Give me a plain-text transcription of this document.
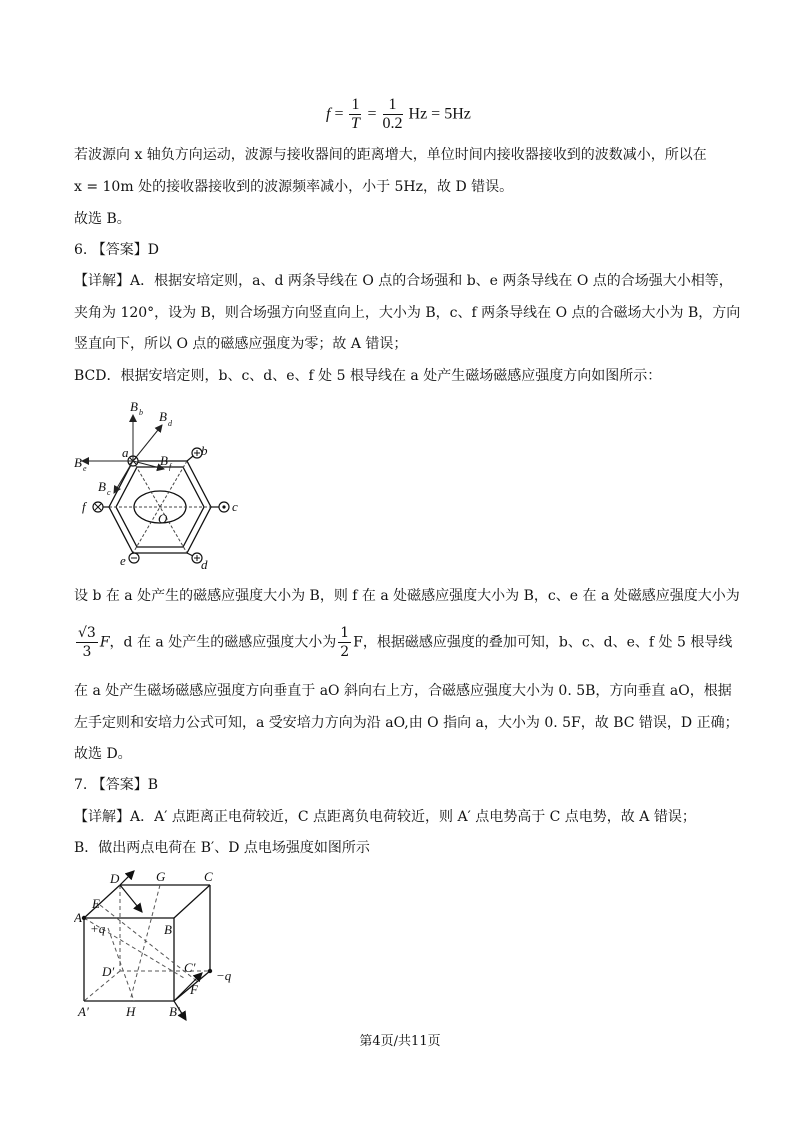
$f = \frac{1}{T} = \frac{1}{0.2}$ Hz = 5Hz
若波源向 x 轴负方向运动，波源与接收器间的距离增大，单位时间内接收器接收到的波数减小，所以在
x = 10m 处的接收器接收到的波源频率减小，小于 5Hz，故 D 错误。
故选 B。
6. 【答案】D
【详解】A．根据安培定则，a、d 两条导线在 O 点的合场强和 b、e 两条导线在 O 点的合场强大小相等，
夹角为 120°，设为 B，则合场强方向竖直向上，大小为 B，c、f 两条导线在 O 点的合磁场大小为 B，方向
竖直向下，所以 O 点的磁感应强度为零；故 A 错误；
BCD．根据安培定则，b、c、d、e、f 处 5 根导线在 a 处产生磁场磁感应强度方向如图所示：
B b B d
B e
B f
B c
a	b
c
d
e
f
O
设 b 在 a 处产生的磁感应强度大小为 B，则 f 在 a 处磁感应强度大小为 B，c、e 在 a 处磁感应强度大小为
$\frac{√3}{3}$ F，d 在 a 处产生的磁感应强度大小为 $\frac{1}{2}$ F，根据磁感应强度的叠加可知，b、c、d、e、f 处 5 根导线
在 a 处产生磁场磁感应强度方向垂直于 aO 斜向右上方，合磁感应强度大小为 0. 5B，方向垂直 aO，根据
左手定则和安培力公式可知，a 受安培力方向为沿 aO,由 O 指向 a，大小为 0. 5F，故 BC 错误，D 正确；
故选 D。
7. 【答案】B
【详解】A．A′ 点距离正电荷较近，C 点距离负电荷较近，则 A′ 点电势高于 C 点电势，故 A 错误；
B．做出两点电荷在 B′、D 点电场强度如图所示
D	G	C
E
A
+q	B
D′	C′
−q
F
A′	H	B′
第4页/共11页
